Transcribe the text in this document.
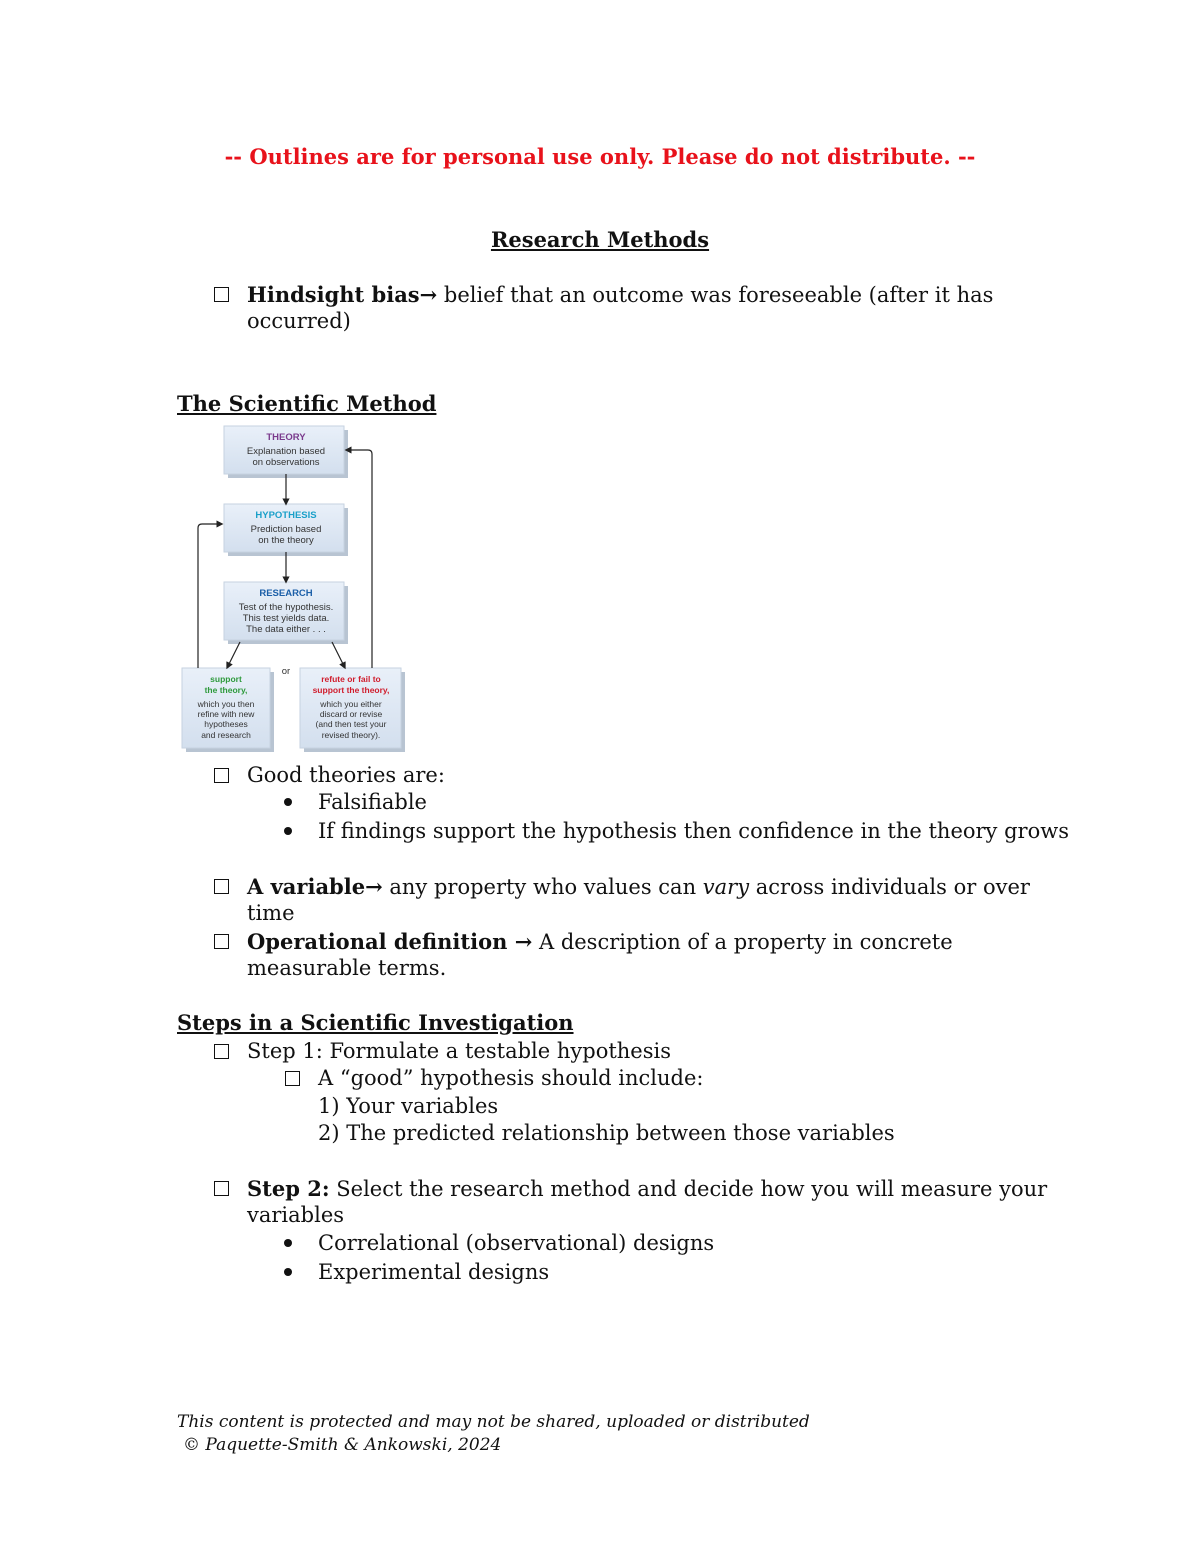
-- Outlines are for personal use only. Please do not distribute. --
Research Methods
Hindsight bias→ belief that an outcome was foreseeable (after it has
occurred)
The Scientific Method
THEORY
Explanation based
on observations
HYPOTHESIS
Prediction based
on the theory
RESEARCH
Test of the hypothesis.
This test yields data.
The data either . . .
or
support
the theory,
which you then
refine with new
hypotheses
and research
refute or fail to
support the theory,
which you either
discard or revise
(and then test your
revised theory).
Good theories are:
Falsifiable
If findings support the hypothesis then confidence in the theory grows
A variable→ any property who values can vary across individuals or over
time
Operational definition → A description of a property in concrete
measurable terms.
Steps in a Scientific Investigation
Step 1: Formulate a testable hypothesis
A “good” hypothesis should include:
1) Your variables
2) The predicted relationship between those variables
Step 2: Select the research method and decide how you will measure your
variables
Correlational (observational) designs
Experimental designs
This content is protected and may not be shared, uploaded or distributed
© Paquette-Smith & Ankowski, 2024
